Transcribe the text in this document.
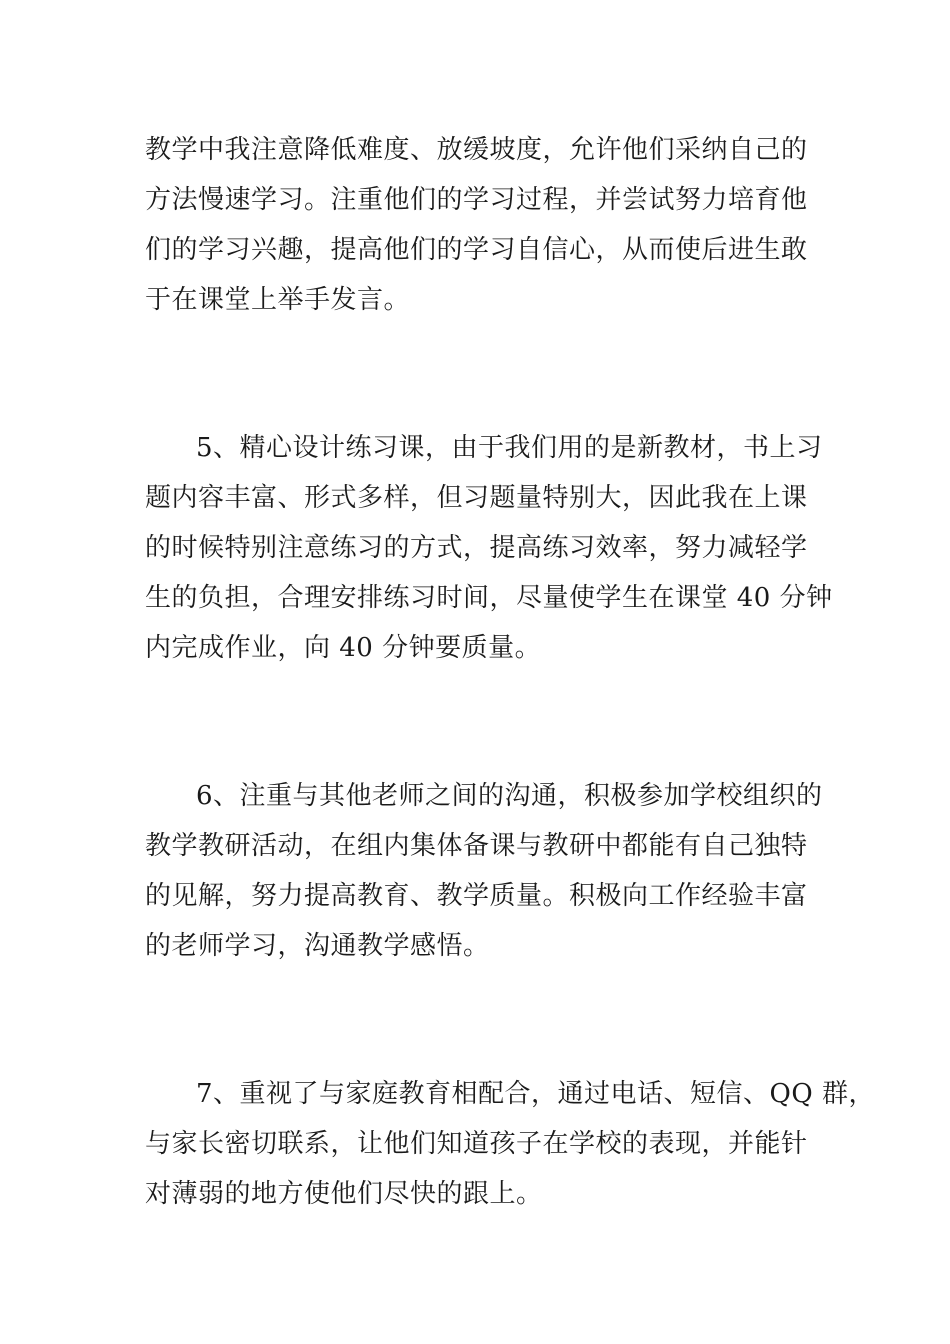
教学中我注意降低难度、放缓坡度，允许他们采纳自己的
方法慢速学习。注重他们的学习过程，并尝试努力培育他
们的学习兴趣，提高他们的学习自信心，从而使后进生敢
于在课堂上举手发言。
5、精心设计练习课，由于我们用的是新教材，书上习
题内容丰富、形式多样，但习题量特别大，因此我在上课
的时候特别注意练习的方式，提高练习效率，努力减轻学
生的负担，合理安排练习时间，尽量使学生在课堂 40 分钟
内完成作业，向 40 分钟要质量。
6、注重与其他老师之间的沟通，积极参加学校组织的
教学教研活动，在组内集体备课与教研中都能有自己独特
的见解，努力提高教育、教学质量。积极向工作经验丰富
的老师学习，沟通教学感悟。
7、重视了与家庭教育相配合，通过电话、短信、QQ 群，
与家长密切联系，让他们知道孩子在学校的表现，并能针
对薄弱的地方使他们尽快的跟上。
